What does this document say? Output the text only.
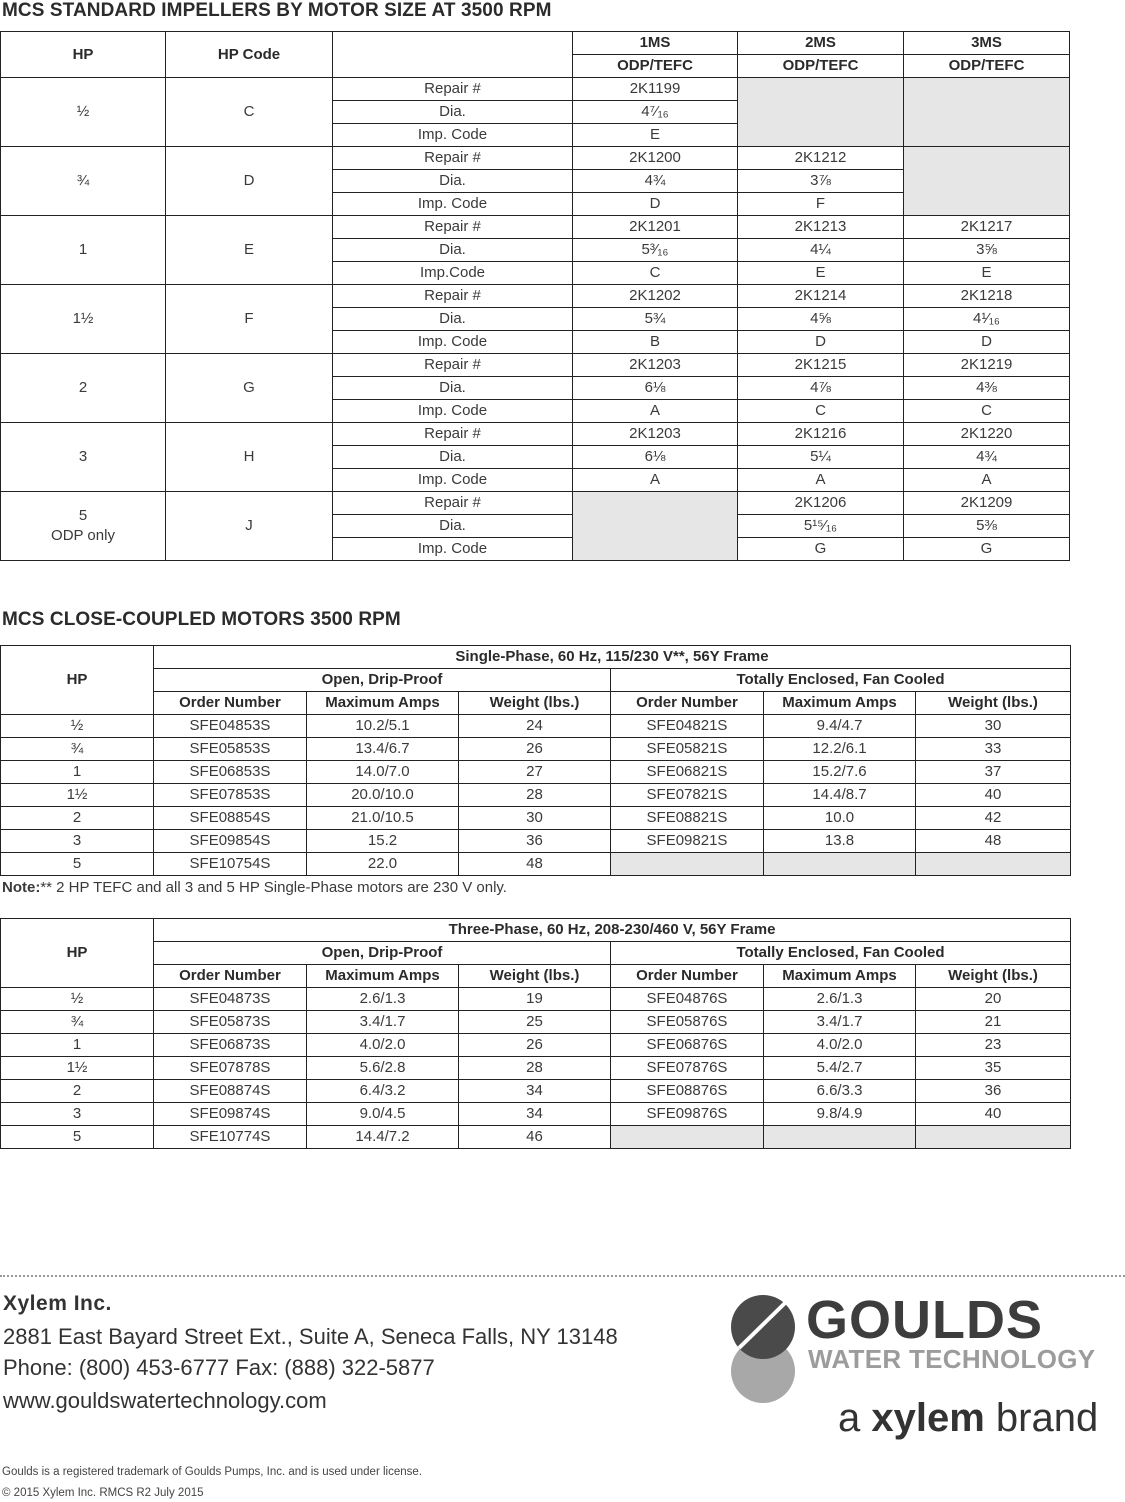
MCS STANDARD IMPELLERS BY MOTOR SIZE AT 3500 RPM
HP	HP Code		1MS	2MS	3MS
			ODP/TEFC	ODP/TEFC	ODP/TEFC

½	C	Repair #	2K1199		
		Dia.	4⁷⁄₁₆		
		Imp. Code	E		

¾	D	Repair #	2K1200	2K1212	
		Dia.	4¾	3⅞	
		Imp. Code	D	F	

1	E	Repair #	2K1201	2K1213	2K1217
		Dia.	5³⁄₁₆	4¼	3⅝
		Imp.Code	C	E	E

1½	F	Repair #	2K1202	2K1214	2K1218
		Dia.	5¾	4⅝	4¹⁄₁₆
		Imp. Code	B	D	D

2	G	Repair #	2K1203	2K1215	2K1219
		Dia.	6⅛	4⅞	4⅜
		Imp. Code	A	C	C

3	H	Repair #	2K1203	2K1216	2K1220
		Dia.	6⅛	5¼	4¾
		Imp. Code	A	A	A

5
ODP only	J	Repair #		2K1206	2K1209
		Dia.		5¹⁵⁄₁₆	5⅜
		Imp. Code		G	G
MCS CLOSE-COUPLED MOTORS 3500 RPM
HP	Single-Phase, 60 Hz, 115/230 V**, 56Y Frame					
	Open, Drip-Proof			Totally Enclosed, Fan Cooled		
	Order Number	Maximum Amps	Weight (lbs.)	Order Number	Maximum Amps	Weight (lbs.)
½	SFE04853S	10.2/5.1	24	SFE04821S	9.4/4.7	30
¾	SFE05853S	13.4/6.7	26	SFE05821S	12.2/6.1	33
1	SFE06853S	14.0/7.0	27	SFE06821S	15.2/7.6	37
1½	SFE07853S	20.0/10.0	28	SFE07821S	14.4/8.7	40
2	SFE08854S	21.0/10.5	30	SFE08821S	10.0	42
3	SFE09854S	15.2	36	SFE09821S	13.8	48
5	SFE10754S	22.0	48			
Note:** 2 HP TEFC and all 3 and 5 HP Single-Phase motors are 230 V only.
HP	Three-Phase, 60 Hz, 208-230/460 V, 56Y Frame					
	Open, Drip-Proof			Totally Enclosed, Fan Cooled		
	Order Number	Maximum Amps	Weight (lbs.)	Order Number	Maximum Amps	Weight (lbs.)
½	SFE04873S	2.6/1.3	19	SFE04876S	2.6/1.3	20
¾	SFE05873S	3.4/1.7	25	SFE05876S	3.4/1.7	21
1	SFE06873S	4.0/2.0	26	SFE06876S	4.0/2.0	23
1½	SFE07878S	5.6/2.8	28	SFE07876S	5.4/2.7	35
2	SFE08874S	6.4/3.2	34	SFE08876S	6.6/3.3	36
3	SFE09874S	9.0/4.5	34	SFE09876S	9.8/4.9	40
5	SFE10774S	14.4/7.2	46			
Xylem Inc.
2881 East Bayard Street Ext., Suite A, Seneca Falls, NY 13148
Phone: (800) 453-6777 Fax: (888) 322-5877
www.gouldswatertechnology.com
GOULDS
WATER TECHNOLOGY
a xylem brand
Goulds is a registered trademark of Goulds Pumps, Inc. and is used under license.
© 2015 Xylem Inc. RMCS R2 July 2015
